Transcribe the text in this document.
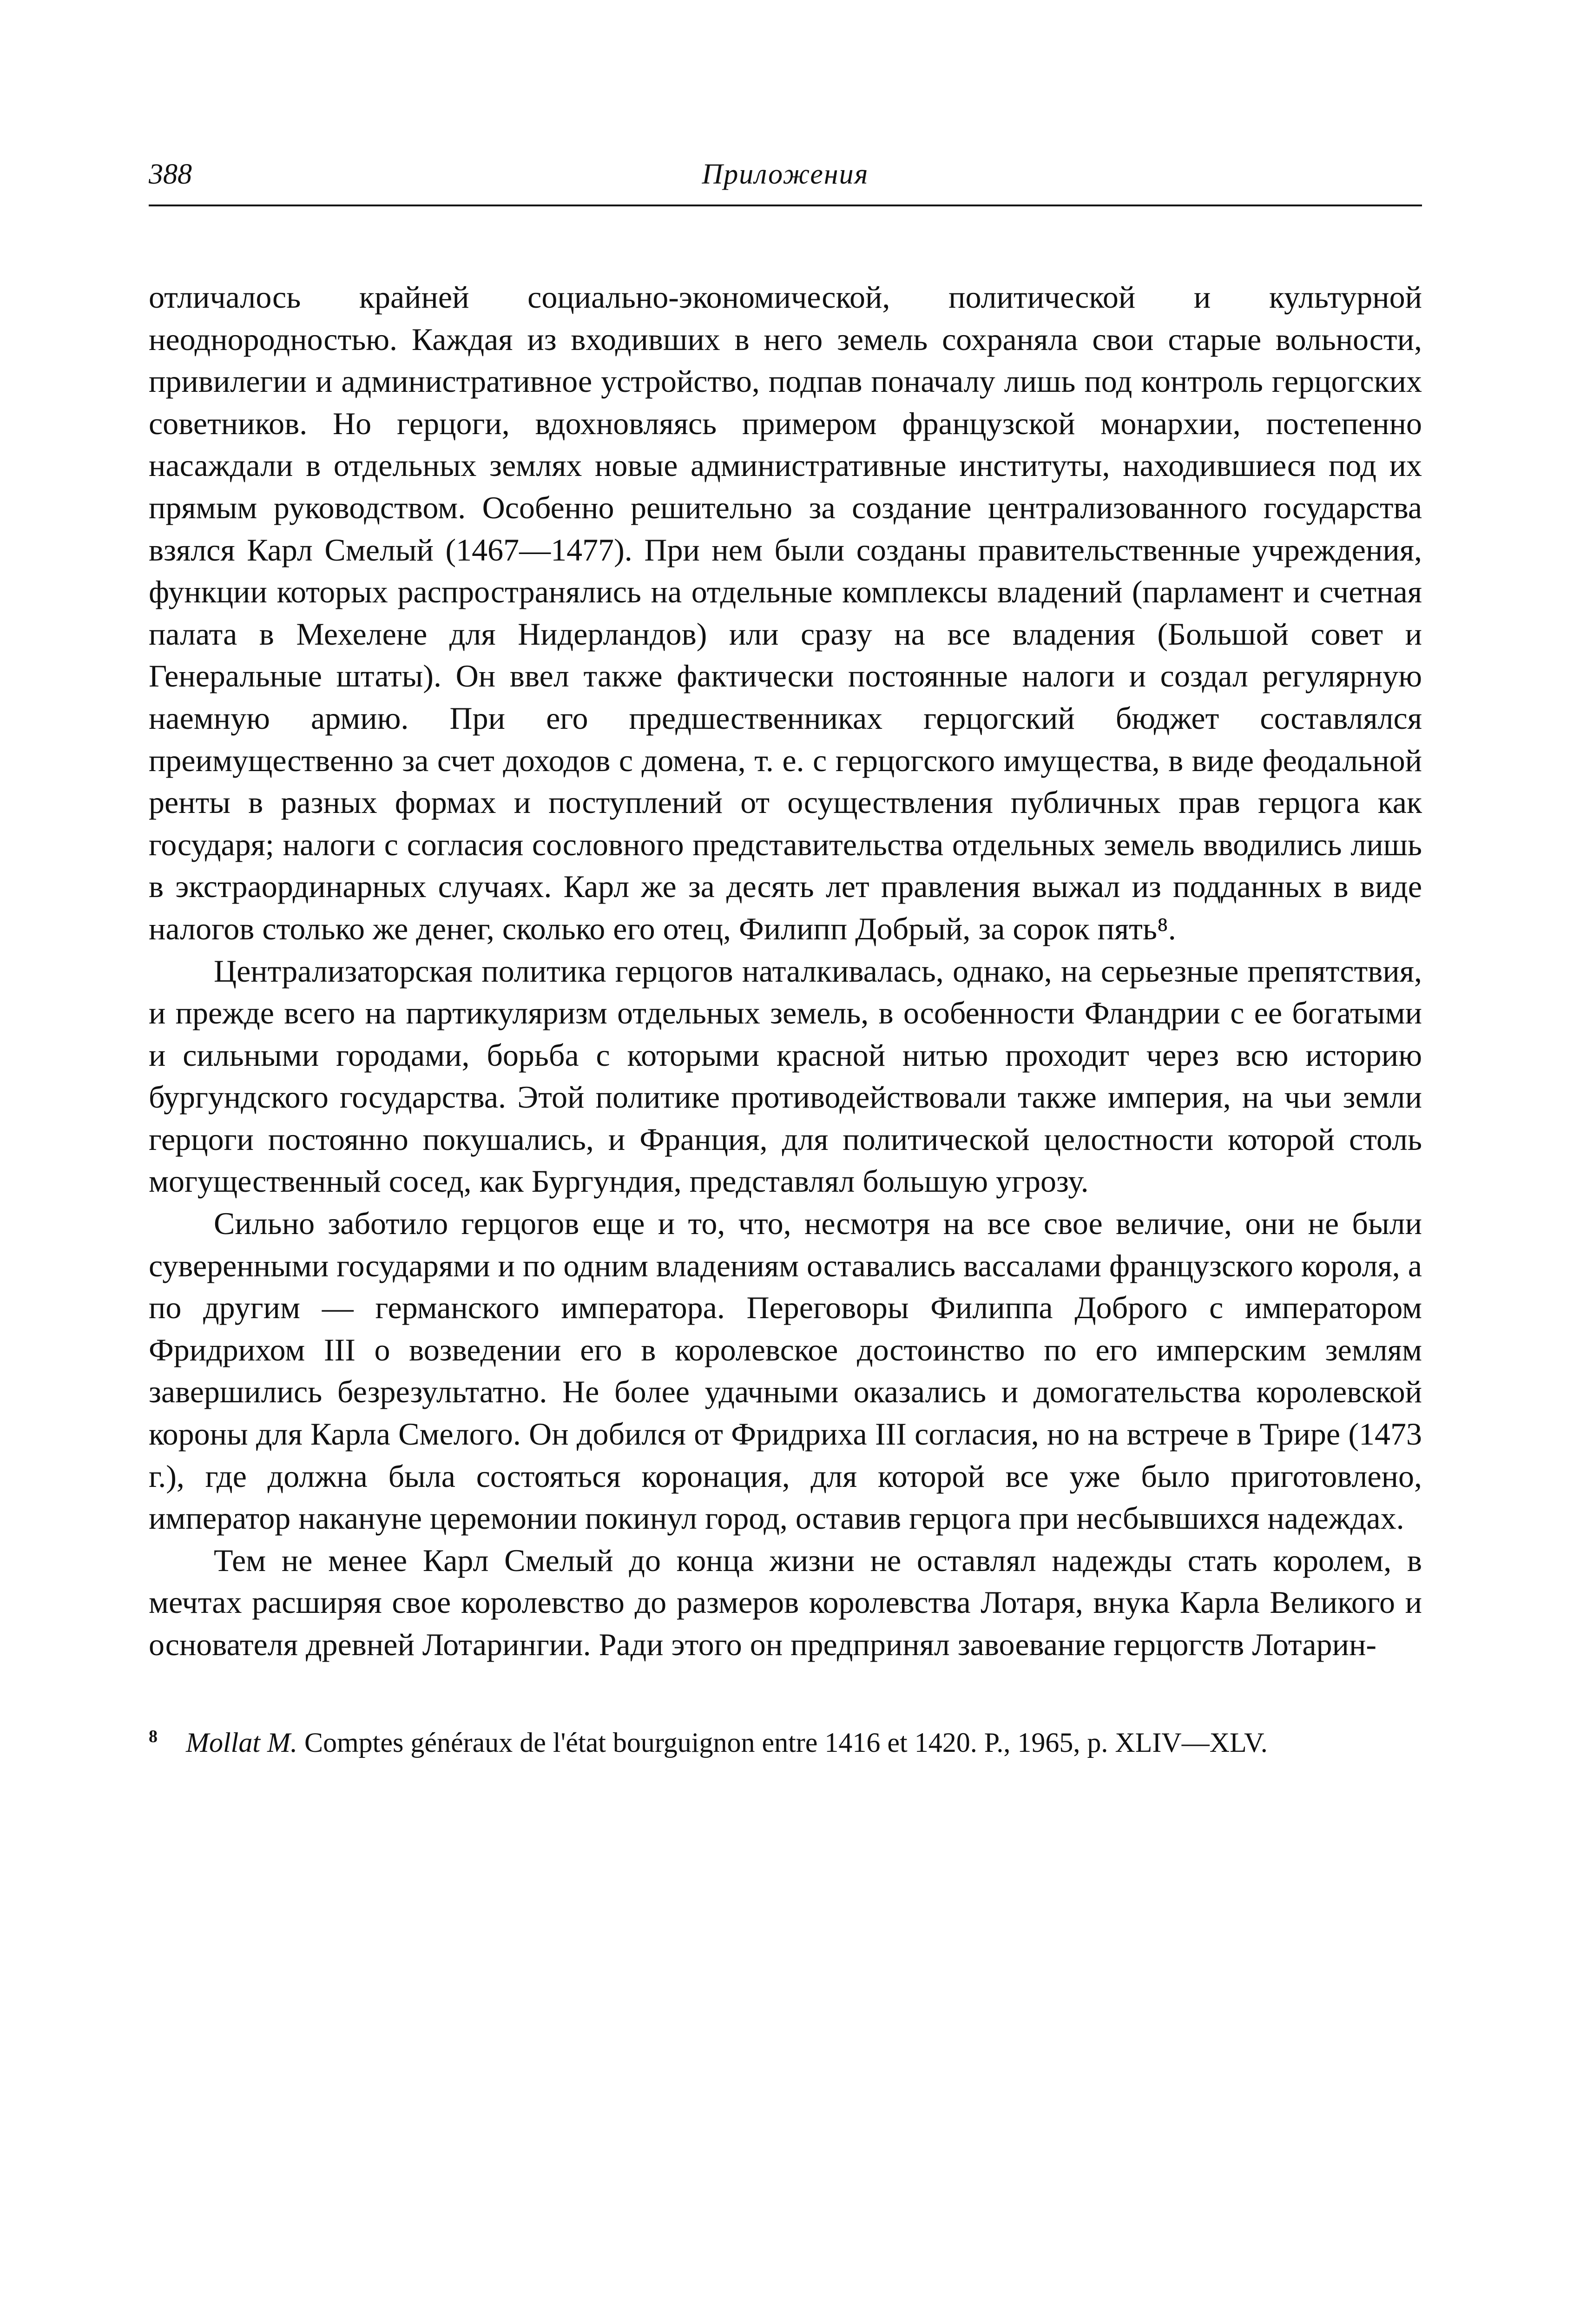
388	Приложения

отличалось крайней социально-экономической, политической и культурной неоднородностью. Каждая из входивших в него земель сохраняла свои старые вольности, привилегии и административное устройство, подпав поначалу лишь под контроль герцогских советников. Но герцоги, вдохновляясь примером французской монархии, постепенно насаждали в отдельных землях новые административные институты, находившиеся под их прямым руководством. Особенно решительно за создание централизованного государства взялся Карл Смелый (1467—1477). При нем были созданы правительственные учреждения, функции которых распространялись на отдельные комплексы владений (парламент и счетная палата в Мехелене для Нидерландов) или сразу на все владения (Большой совет и Генеральные штаты). Он ввел также фактически постоянные налоги и создал регулярную наемную армию. При его предшественниках герцогский бюджет составлялся преимущественно за счет доходов с домена, т. е. с герцогского имущества, в виде феодальной ренты в разных формах и поступлений от осуществления публичных прав герцога как государя; налоги с согласия сословного представительства отдельных земель вводились лишь в экстраординарных случаях. Карл же за десять лет правления выжал из подданных в виде налогов столько же денег, сколько его отец, Филипп Добрый, за сорок пять⁸.

Централизаторская политика герцогов наталкивалась, однако, на серьезные препятствия, и прежде всего на партикуляризм отдельных земель, в особенности Фландрии с ее богатыми и сильными городами, борьба с которыми красной нитью проходит через всю историю бургундского государства. Этой политике противодействовали также империя, на чьи земли герцоги постоянно покушались, и Франция, для политической целостности которой столь могущественный сосед, как Бургундия, представлял большую угрозу.

Сильно заботило герцогов еще и то, что, несмотря на все свое величие, они не были суверенными государями и по одним владениям оставались вассалами французского короля, а по другим — германского императора. Переговоры Филиппа Доброго с императором Фридрихом III о возведении его в королевское достоинство по его имперским землям завершились безрезультатно. Не более удачными оказались и домогательства королевской короны для Карла Смелого. Он добился от Фридриха III согласия, но на встрече в Трире (1473 г.), где должна была состояться коронация, для которой все уже было приготовлено, император накануне церемонии покинул город, оставив герцога при несбывшихся надеждах.

Тем не менее Карл Смелый до конца жизни не оставлял надежды стать королем, в мечтах расширяя свое королевство до размеров королевства Лотаря, внука Карла Великого и основателя древней Лотарингии. Ради этого он предпринял завоевание герцогств Лотарин-

8 Mollat M. Comptes généraux de l'état bourguignon entre 1416 et 1420. P., 1965, p. XLIV—XLV.
